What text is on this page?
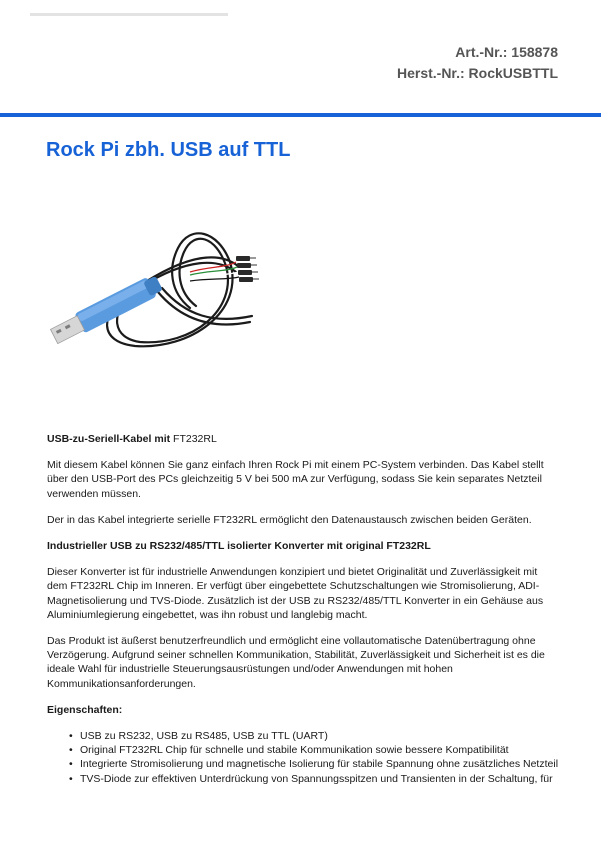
Art.-Nr.: 158878
Herst.-Nr.: RockUSBTTL
Rock Pi zbh. USB auf TTL

USB-zu-Seriell-Kabel mit FT232RL

Mit diesem Kabel können Sie ganz einfach Ihren Rock Pi mit einem PC-System verbinden. Das Kabel stellt über den USB-Port des PCs gleichzeitig 5 V bei 500 mA zur Verfügung, sodass Sie kein separates Netzteil verwenden müssen.

Der in das Kabel integrierte serielle FT232RL ermöglicht den Datenaustausch zwischen beiden Geräten.

Industrieller USB zu RS232/485/TTL isolierter Konverter mit original FT232RL

Dieser Konverter ist für industrielle Anwendungen konzipiert und bietet Originalität und Zuverlässigkeit mit dem FT232RL Chip im Inneren. Er verfügt über eingebettete Schutzschaltungen wie Stromisolierung, ADI-Magnetisolierung und TVS-Diode. Zusätzlich ist der USB zu RS232/485/TTL Konverter in ein Gehäuse aus Aluminiumlegierung eingebettet, was ihn robust und langlebig macht.

Das Produkt ist äußerst benutzerfreundlich und ermöglicht eine vollautomatische Datenübertragung ohne Verzögerung. Aufgrund seiner schnellen Kommunikation, Stabilität, Zuverlässigkeit und Sicherheit ist es die ideale Wahl für industrielle Steuerungsausrüstungen und/oder Anwendungen mit hohen Kommunikationsanforderungen.

Eigenschaften:

• USB zu RS232, USB zu RS485, USB zu TTL (UART)
• Original FT232RL Chip für schnelle und stabile Kommunikation sowie bessere Kompatibilität
• Integrierte Stromisolierung und magnetische Isolierung für stabile Spannung ohne zusätzliches Netzteil
• TVS-Diode zur effektiven Unterdrückung von Spannungsspitzen und Transienten in der Schaltung, für
